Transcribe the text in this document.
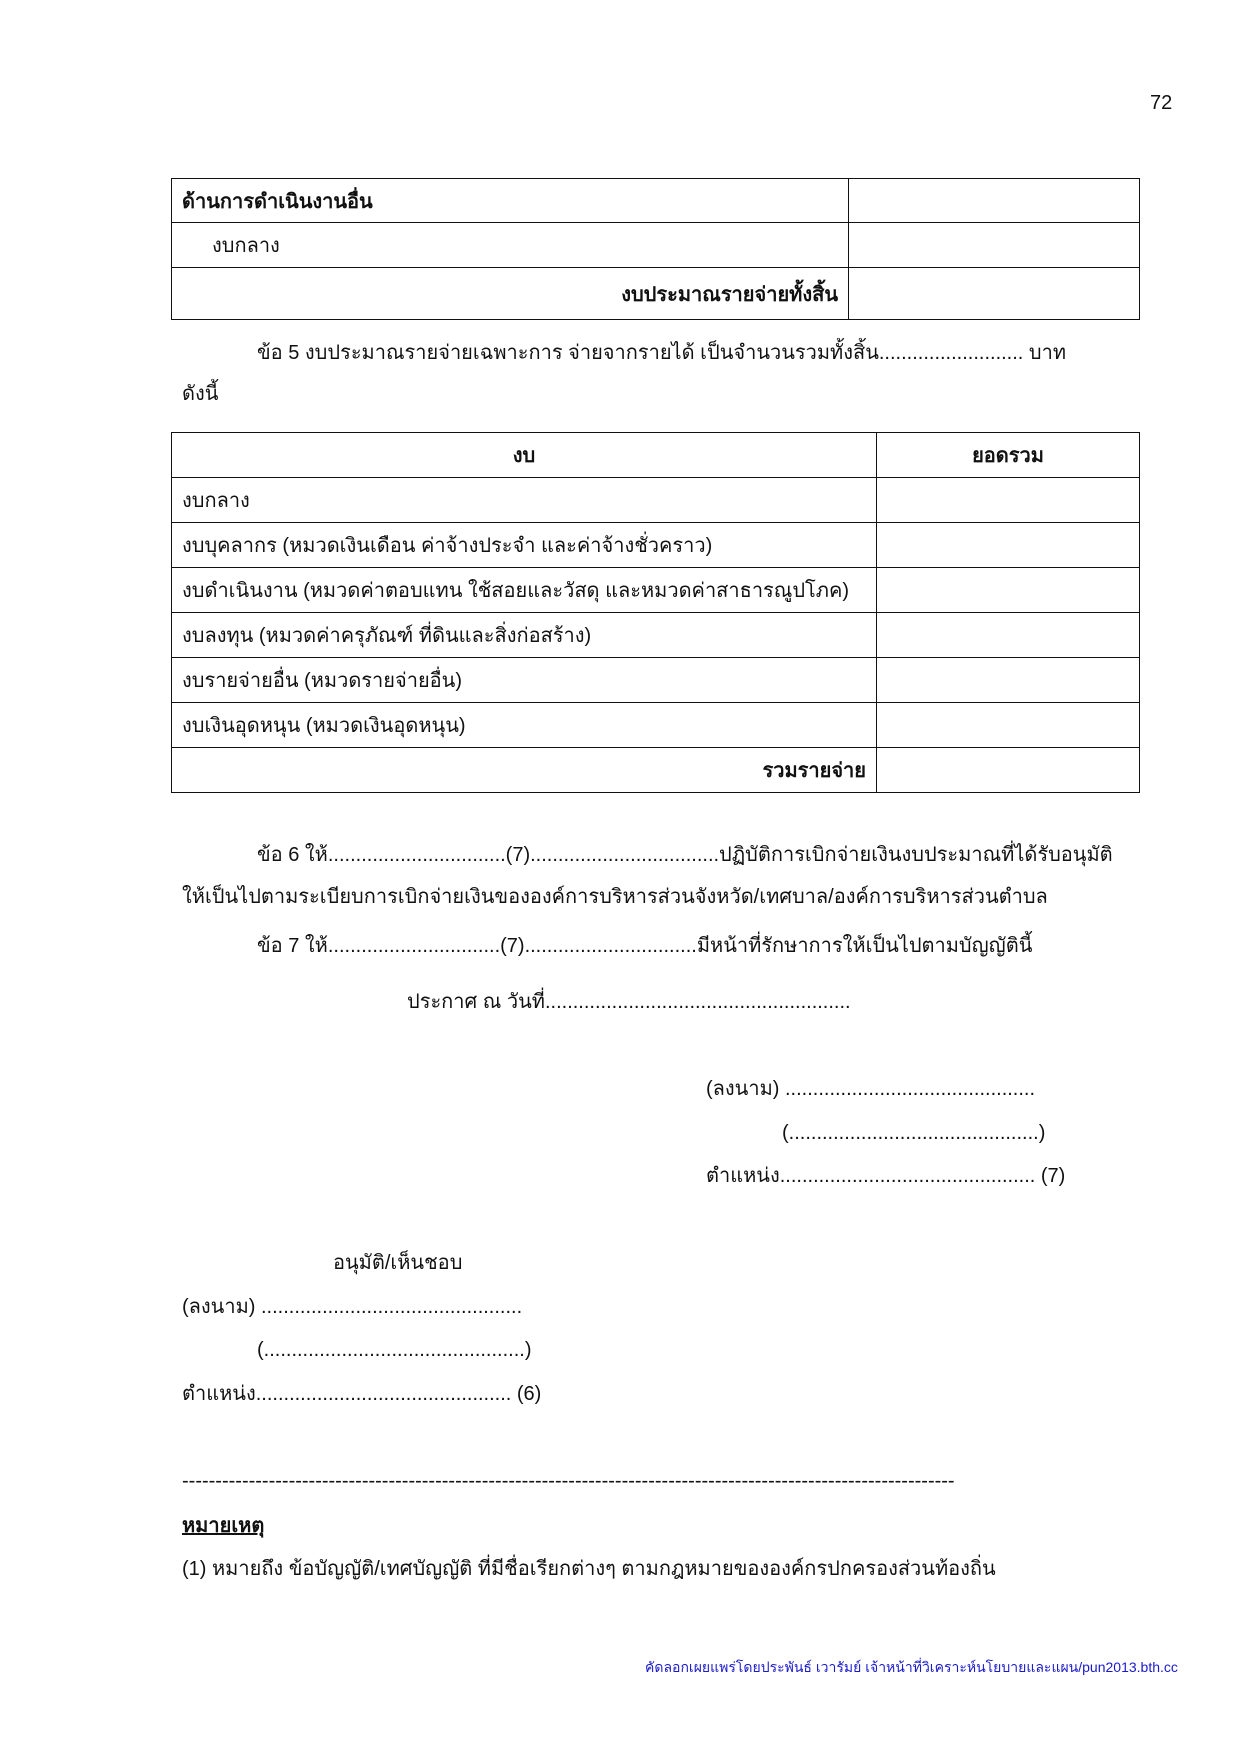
72
ด้านการดำเนินงานอื่น	
งบกลาง	
งบประมาณรายจ่ายทั้งสิ้น	
ข้อ 5 งบประมาณรายจ่ายเฉพาะการ จ่ายจากรายได้ เป็นจำนวนรวมทั้งสิ้น.......................... บาท
ดังนี้
งบ	ยอดรวม
งบกลาง	
งบบุคลากร (หมวดเงินเดือน ค่าจ้างประจำ และค่าจ้างชั่วคราว)	
งบดำเนินงาน (หมวดค่าตอบแทน ใช้สอยและวัสดุ และหมวดค่าสาธารณูปโภค)	
งบลงทุน (หมวดค่าครุภัณฑ์ ที่ดินและสิ่งก่อสร้าง)	
งบรายจ่ายอื่น (หมวดรายจ่ายอื่น)	
งบเงินอุดหนุน (หมวดเงินอุดหนุน)	
รวมรายจ่าย	
ข้อ 6 ให้................................(7)..................................ปฏิบัติการเบิกจ่ายเงินงบประมาณที่ได้รับอนุมัติ
ให้เป็นไปตามระเบียบการเบิกจ่ายเงินขององค์การบริหารส่วนจังหวัด/เทศบาล/องค์การบริหารส่วนตำบล
ข้อ 7 ให้...............................(7)...............................มีหน้าที่รักษาการให้เป็นไปตามบัญญัตินี้
ประกาศ ณ วันที่.......................................................
(ลงนาม) .............................................
(.............................................)
ตำแหน่ง.............................................. (7)
อนุมัติ/เห็นชอบ
(ลงนาม) ...............................................
(...............................................)
ตำแหน่ง.............................................. (6)
--------------------------------------------------------------------------------------------------------------------
หมายเหตุ
(1) หมายถึง ข้อบัญญัติ/เทศบัญญัติ ที่มีชื่อเรียกต่างๆ ตามกฎหมายขององค์กรปกครองส่วนท้องถิ่น
คัดลอกเผยแพร่โดยประพันธ์ เวารัมย์ เจ้าหน้าที่วิเคราะห์นโยบายและแผน/pun2013.bth.cc
